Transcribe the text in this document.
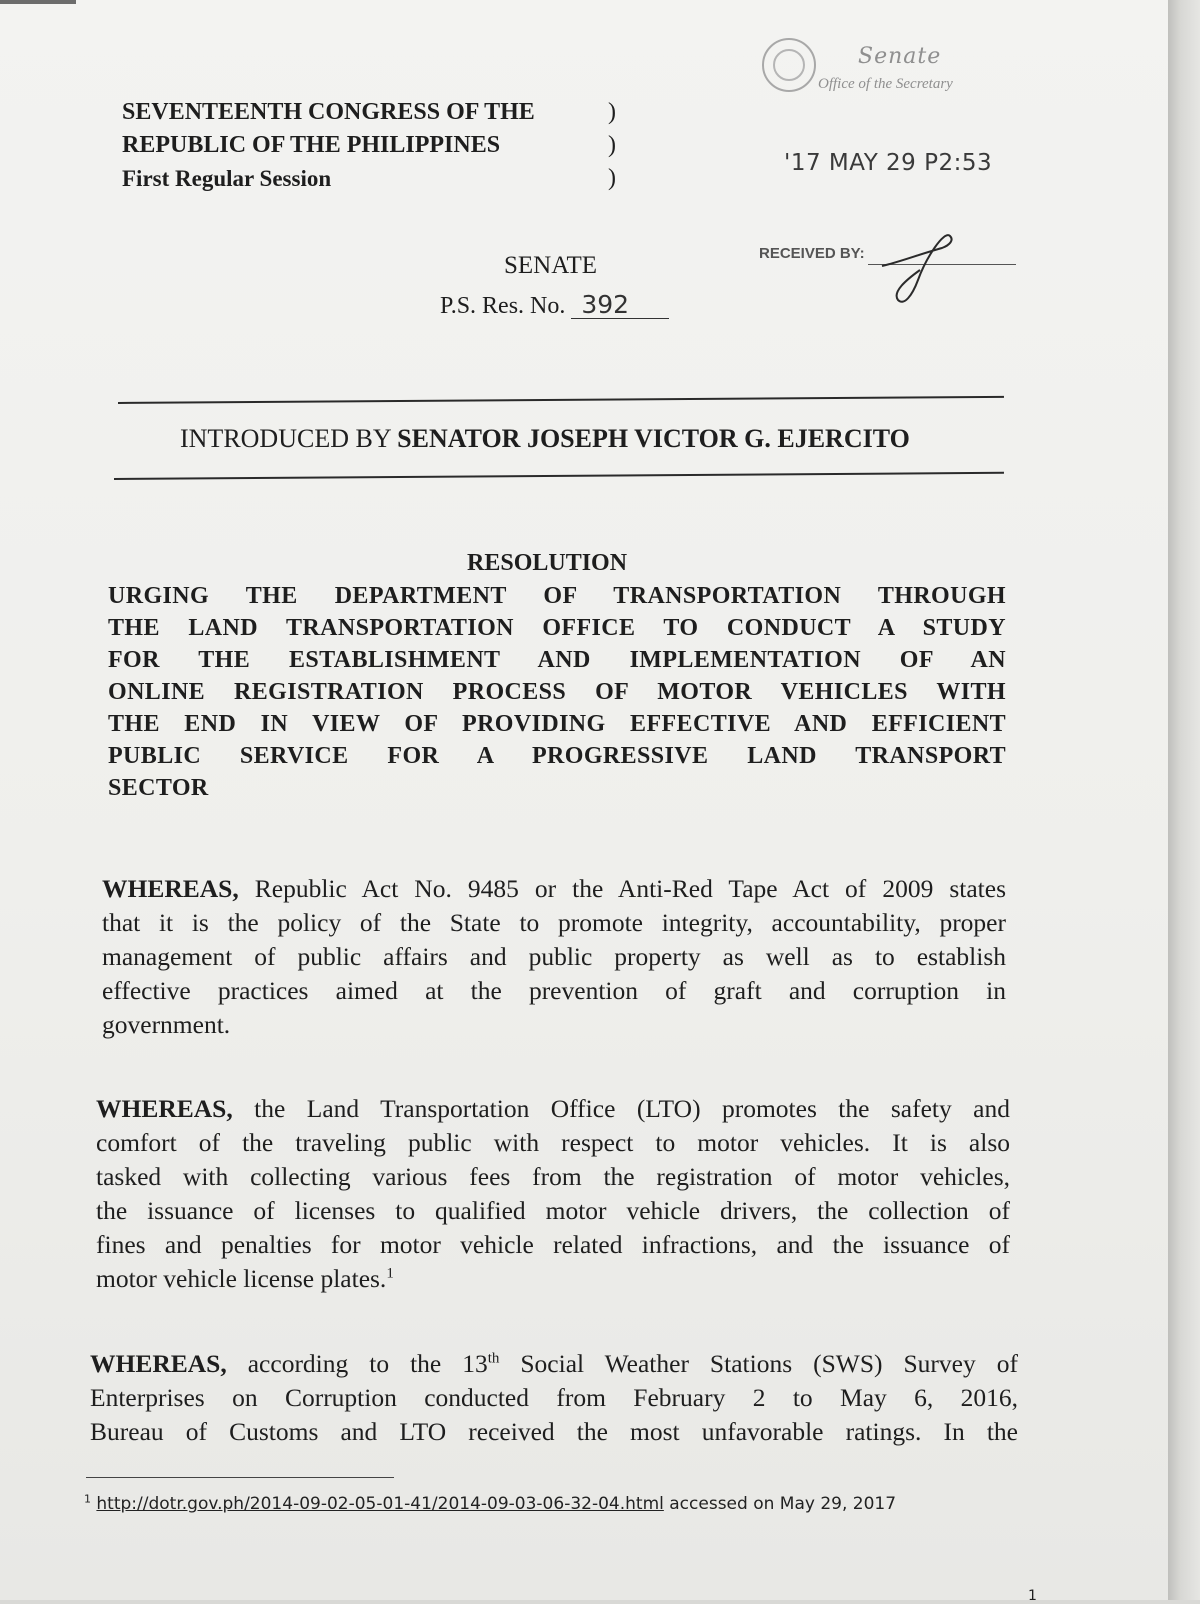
SEVENTEENTH CONGRESS OF THE
REPUBLIC OF THE PHILIPPINES
First Regular Session
)
)
)
Senate
Office of the Secretary
'17 MAY 29 P2:53
RECEIVED BY:
SENATE
P.S. Res. No. 392
INTRODUCED BY SENATOR JOSEPH VICTOR G. EJERCITO
RESOLUTION
URGING THE DEPARTMENT OF TRANSPORTATION THROUGH
THE LAND TRANSPORTATION OFFICE TO CONDUCT A STUDY
FOR THE ESTABLISHMENT AND IMPLEMENTATION OF AN
ONLINE REGISTRATION PROCESS OF MOTOR VEHICLES WITH
THE END IN VIEW OF PROVIDING EFFECTIVE AND EFFICIENT
PUBLIC SERVICE FOR A PROGRESSIVE LAND TRANSPORT
SECTOR
WHEREAS, Republic Act No. 9485 or the Anti-Red Tape Act of 2009 states
that it is the policy of the State to promote integrity, accountability, proper
management of public affairs and public property as well as to establish
effective practices aimed at the prevention of graft and corruption in
government.
WHEREAS, the Land Transportation Office (LTO) promotes the safety and
comfort of the traveling public with respect to motor vehicles. It is also
tasked with collecting various fees from the registration of motor vehicles,
the issuance of licenses to qualified motor vehicle drivers, the collection of
fines and penalties for motor vehicle related infractions, and the issuance of
motor vehicle license plates.$^1$
WHEREAS, according to the 13th Social Weather Stations (SWS) Survey of
Enterprises on Corruption conducted from February 2 to May 6, 2016,
Bureau of Customs and LTO received the most unfavorable ratings. In the
$^1$ http://dotr.gov.ph/2014-09-02-05-01-41/2014-09-03-06-32-04.html accessed on May 29, 2017
1
